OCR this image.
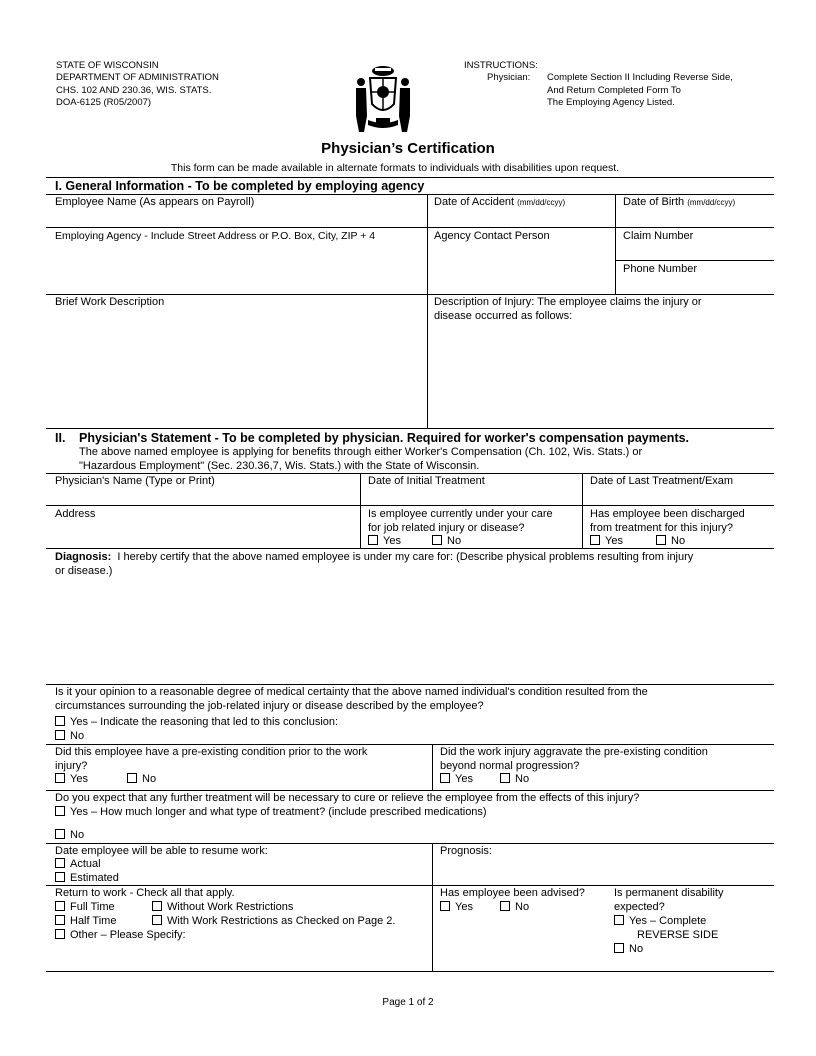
STATE OF WISCONSIN
DEPARTMENT OF ADMINISTRATION
CHS. 102 AND 230.36, WIS. STATS.
DOA-6125 (R05/2007)
INSTRUCTIONS:
Physician: Complete Section II Including Reverse Side,
And Return Completed Form To
The Employing Agency Listed.
Physician’s Certification
This form can be made available in alternate formats to individuals with disabilities upon request.
I. General Information - To be completed by employing agency
Employee Name (As appears on Payroll)	Date of Accident (mm/dd/ccyy)	Date of Birth (mm/dd/ccyy)
Employing Agency - Include Street Address or P.O. Box, City, ZIP + 4	Agency Contact Person	Claim Number
Phone Number
Brief Work Description	Description of Injury: The employee claims the injury or
disease occurred as follows:
II. Physician's Statement - To be completed by physician. Required for worker's compensation payments.
The above named employee is applying for benefits through either Worker's Compensation (Ch. 102, Wis. Stats.) or
"Hazardous Employment" (Sec. 230.36,7, Wis. Stats.) with the State of Wisconsin.
Physician's Name (Type or Print)	Date of Initial Treatment	Date of Last Treatment/Exam
Address	Is employee currently under your care
for job related injury or disease?
Yes	No
Has employee been discharged
from treatment for this injury?
Yes	No
Diagnosis: I hereby certify that the above named employee is under my care for: (Describe physical problems resulting from injury
or disease.)
Is it your opinion to a reasonable degree of medical certainty that the above named individual's condition resulted from the
circumstances surrounding the job-related injury or disease described by the employee?
Yes – Indicate the reasoning that led to this conclusion:
No
Did this employee have a pre-existing condition prior to the work
injury?
Yes	No
Did the work injury aggravate the pre-existing condition
beyond normal progression?
Yes	No
Do you expect that any further treatment will be necessary to cure or relieve the employee from the effects of this injury?
Yes – How much longer and what type of treatment? (include prescribed medications)
No
Date employee will be able to resume work:
Actual
Estimated
Prognosis:
Return to work - Check all that apply.
Full Time	Without Work Restrictions
Half Time	With Work Restrictions as Checked on Page 2.
Other – Please Specify:
Has employee been advised?
Yes	No
Is permanent disability
expected?
Yes – Complete
REVERSE SIDE
No
Page 1 of 2
